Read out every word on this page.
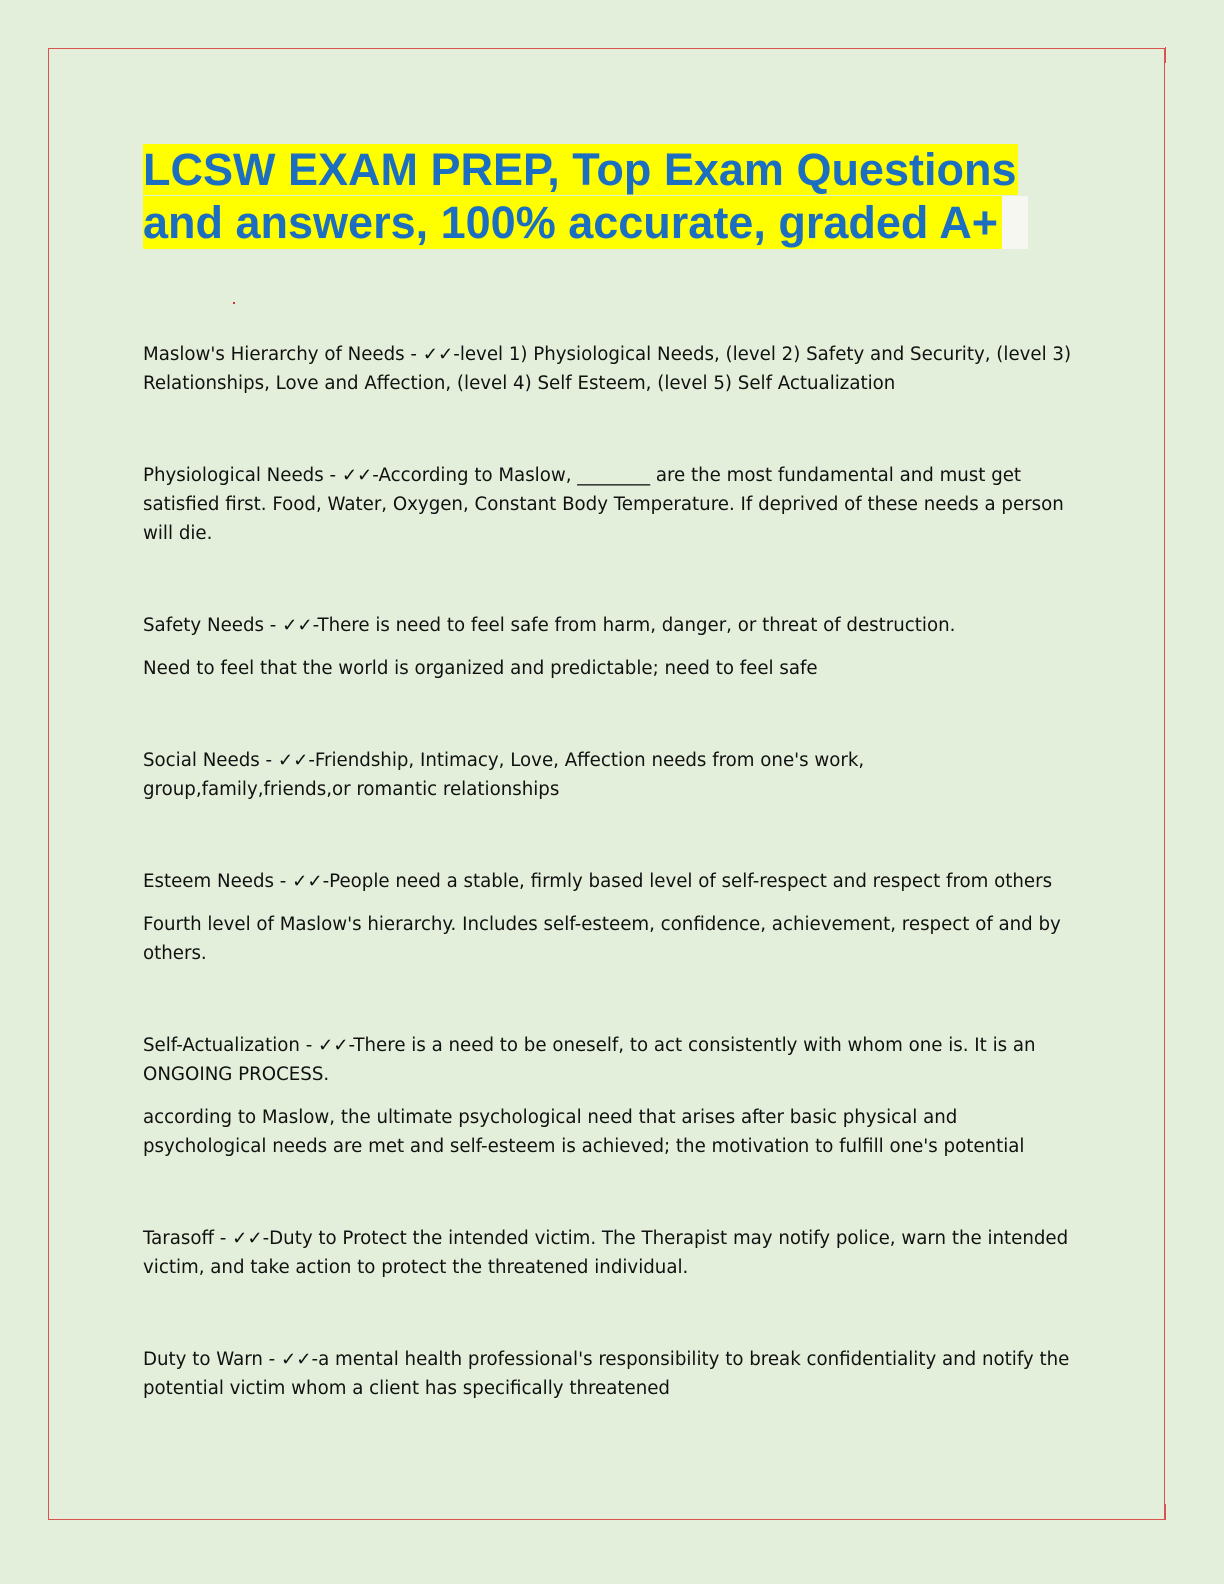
LCSW EXAM PREP, Top Exam Questions
and answers, 100% accurate, graded A+

Maslow's Hierarchy of Needs - ✓✓-level 1) Physiological Needs, (level 2) Safety and Security, (level 3) Relationships, Love and Affection, (level 4) Self Esteem, (level 5) Self Actualization

Physiological Needs - ✓✓-According to Maslow, ________ are the most fundamental and must get satisfied first. Food, Water, Oxygen, Constant Body Temperature. If deprived of these needs a person will die.

Safety Needs - ✓✓-There is need to feel safe from harm, danger, or threat of destruction.

Need to feel that the world is organized and predictable; need to feel safe

Social Needs - ✓✓-Friendship, Intimacy, Love, Affection needs from one's work, group,family,friends,or romantic relationships

Esteem Needs - ✓✓-People need a stable, firmly based level of self-respect and respect from others

Fourth level of Maslow's hierarchy. Includes self-esteem, confidence, achievement, respect of and by others.

Self-Actualization - ✓✓-There is a need to be oneself, to act consistently with whom one is. It is an ONGOING PROCESS.

according to Maslow, the ultimate psychological need that arises after basic physical and psychological needs are met and self-esteem is achieved; the motivation to fulfill one's potential

Tarasoff - ✓✓-Duty to Protect the intended victim. The Therapist may notify police, warn the intended victim, and take action to protect the threatened individual.

Duty to Warn - ✓✓-a mental health professional's responsibility to break confidentiality and notify the potential victim whom a client has specifically threatened
